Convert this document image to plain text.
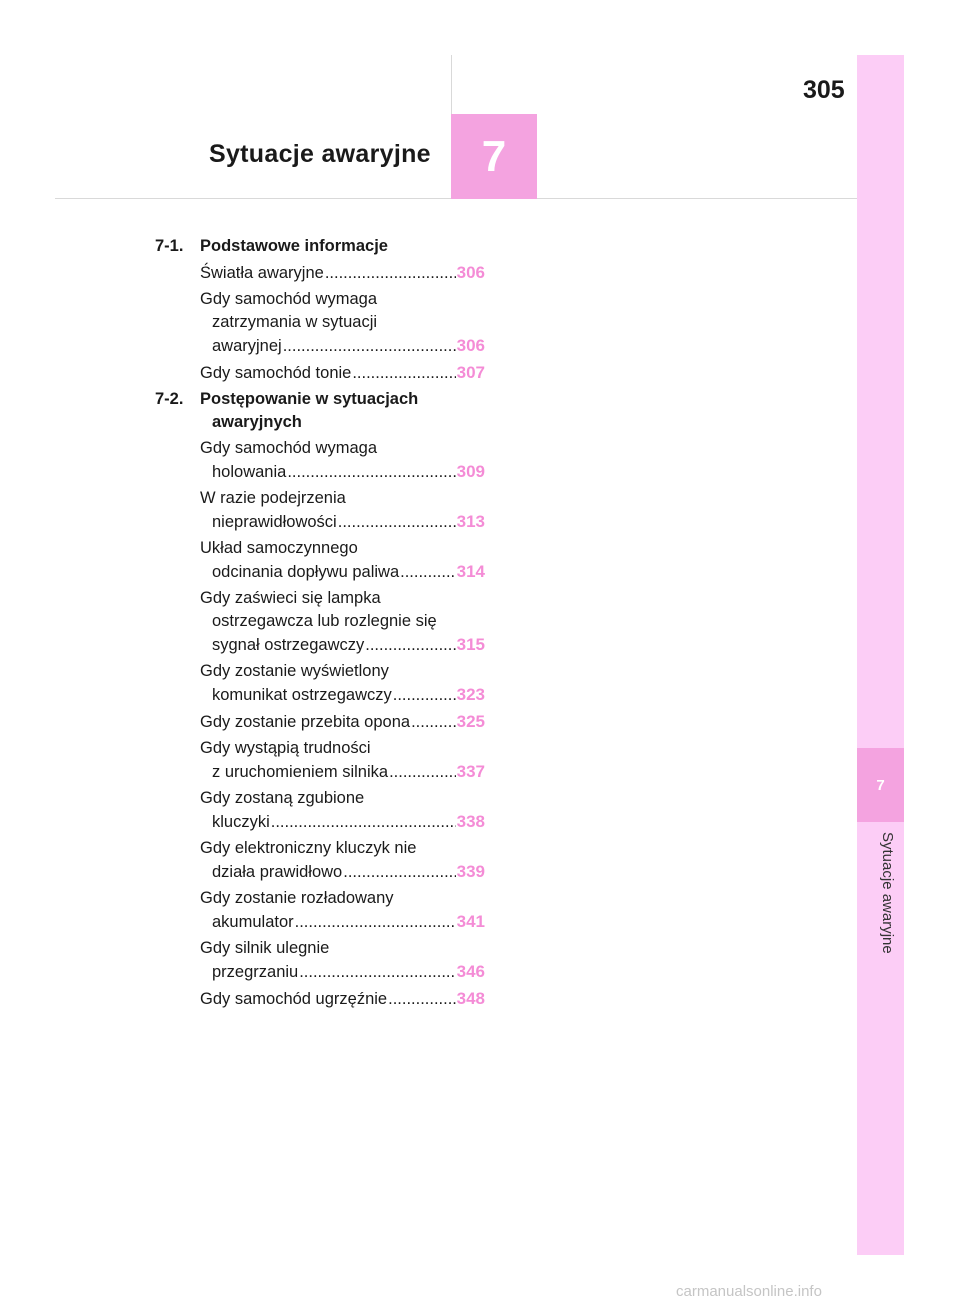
305
Sytuacje awaryjne 7
7
Sytuacje awaryjne
7-1.	Podstawowe informacje
Światła awaryjne .....	306
Gdy samochód wymaga
zatrzymania w sytuacji
awaryjnej .....	306
Gdy samochód tonie .....	307
7-2.	Postępowanie w sytuacjach
awaryjnych
Gdy samochód wymaga
holowania .....	309
W razie podejrzenia
nieprawidłowości .....	313
Układ samoczynnego
odcinania dopływu paliwa .....	314
Gdy zaświeci się lampka
ostrzegawcza lub rozlegnie się
sygnał ostrzegawczy .....	315
Gdy zostanie wyświetlony
komunikat ostrzegawczy .....	323
Gdy zostanie przebita opona .....	325
Gdy wystąpią trudności
z uruchomieniem silnika .....	337
Gdy zostaną zgubione
kluczyki .....	338
Gdy elektroniczny kluczyk nie
działa prawidłowo .....	339
Gdy zostanie rozładowany
akumulator .....	341
Gdy silnik ulegnie
przegrzaniu .....	346
Gdy samochód ugrzęźnie .....	348
carmanualsonline.info
